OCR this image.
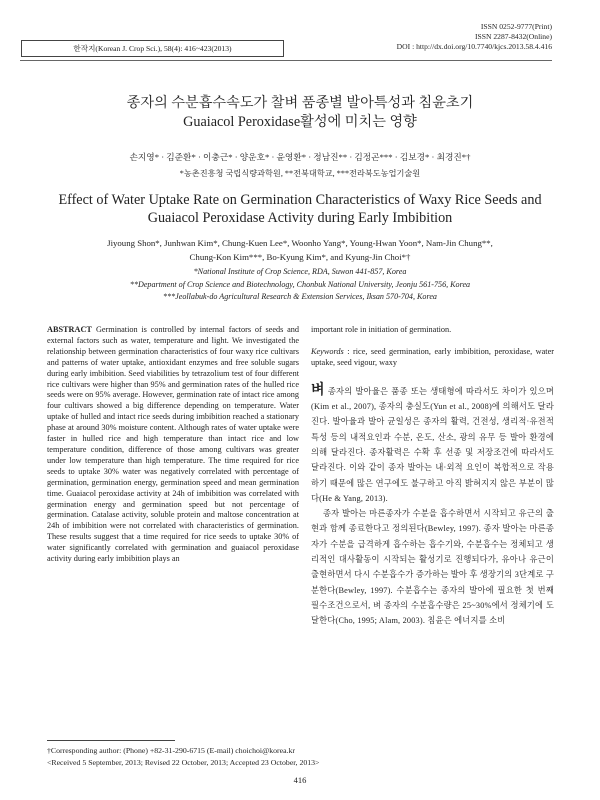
한작지(Korean J. Crop Sci.), 58(4): 416~423(2013)
ISSN 0252-9777(Print)
ISSN 2287-8432(Online)
DOI : http://dx.doi.org/10.7740/kjcs.2013.58.4.416
종자의 수분흡수속도가 찰벼 품종별 발아특성과 침윤초기
Guaiacol Peroxidase활성에 미치는 영향
손지영* · 김준환* · 이충근* · 양운호* · 윤영환* · 정남진** · 김정곤*** · 김보경* · 최경진*†
*농촌진흥청 국립식량과학원, **전북대학교, ***전라북도농업기술원
Effect of Water Uptake Rate on Germination Characteristics of Waxy Rice Seeds and
Guaiacol Peroxidase Activity during Early Imbibition
Jiyoung Shon*, Junhwan Kim*, Chung-Kuen Lee*, Woonho Yang*, Young-Hwan Yoon*, Nam-Jin Chung**,
Chung-Kon Kim***, Bo-Kyung Kim*, and Kyung-Jin Choi*†
*National Institute of Crop Science, RDA, Suwon 441-857, Korea
**Department of Crop Science and Biotechnology, Chonbuk National University, Jeonju 561-756, Korea
***Jeollabuk-do Agricultural Research & Extension Services, Iksan 570-704, Korea
ABSTRACT Germination is controlled by internal factors of seeds and external factors such as water, temperature and light. We investigated the relationship between germination characteristics of four waxy rice cultivars and patterns of water uptake, antioxidant enzymes and free soluble sugars during early imbibition. Seed viabilities by tetrazolium test of four different rice cultivars were higher than 95% and germination rates of the hulled rice seeds were on 95% average. However, germination rate of intact rice among four cultivars showed a big difference depending on temperature. Water uptake of hulled and intact rice seeds during imbibition reached a stationary phase at around 30% moisture content. Although rates of water uptake were faster in hulled rice and high temperature than intact rice and low temperature condition, difference of those among cultivars was greater under low temperature than high temperature. The time required for rice seeds to uptake 30% water was negatively correlated with percentage of germination, germination energy, germination speed and mean germination time. Guaiacol peroxidase activity at 24h of imbibition was correlated with germination energy and germination speed but not percentage of germination. Catalase activity, soluble protein and maltose concentration at 24h of imbibition were not correlated with characteristics of germination. These results suggest that a time required for rice seeds to uptake 30% of water significantly correlated with germination and guaiacol peroxidase activity during early imbibition plays an
important role in initiation of germination.
Keywords : rice, seed germination, early imbibition, peroxidase, water uptake, seed vigour, waxy
벼 종자의 발아율은 품종 또는 생태형에 따라서도 차이가 있으며(Kim et al., 2007), 종자의 충실도(Yun et al., 2008)에 의해서도 달라진다. 발아율과 발아 균일성은 종자의 활력, 건전성, 생리적·유전적 특성 등의 내적요인과 수분, 온도, 산소, 광의 유무 등 발아 환경에 의해 달라진다. 종자활력은 수확 후 선종 및 저장조건에 따라서도 달라진다. 이와 같이 종자 발아는 내·외적 요인이 복합적으로 작용하기 때문에 많은 연구에도 불구하고 아직 밝혀지지 않은 부분이 많다(He & Yang, 2013).
종자 발아는 마른종자가 수분을 흡수하면서 시작되고 유근의 출현과 함께 종료한다고 정의된다(Bewley, 1997). 종자 발아는 마른종자가 수분을 급격하게 흡수하는 흡수기와, 수분흡수는 정체되고 생리적인 대사활동이 시작되는 활성기로 진행되다가, 유아나 유근이 출현하면서 다시 수분흡수가 증가하는 발아 후 생장기의 3단계로 구분한다(Bewley, 1997). 수분흡수는 종자의 발아에 필요한 첫 번째 필수조건으로서, 벼 종자의 수분흡수량은 25~30%에서 정체기에 도달한다(Cho, 1995; Alam, 2003). 침윤은 에너지를 소비
†Corresponding author: (Phone) +82-31-290-6715 (E-mail) choichoi@korea.kr
<Received 5 September, 2013; Revised 22 October, 2013; Accepted 23 October, 2013>
416
